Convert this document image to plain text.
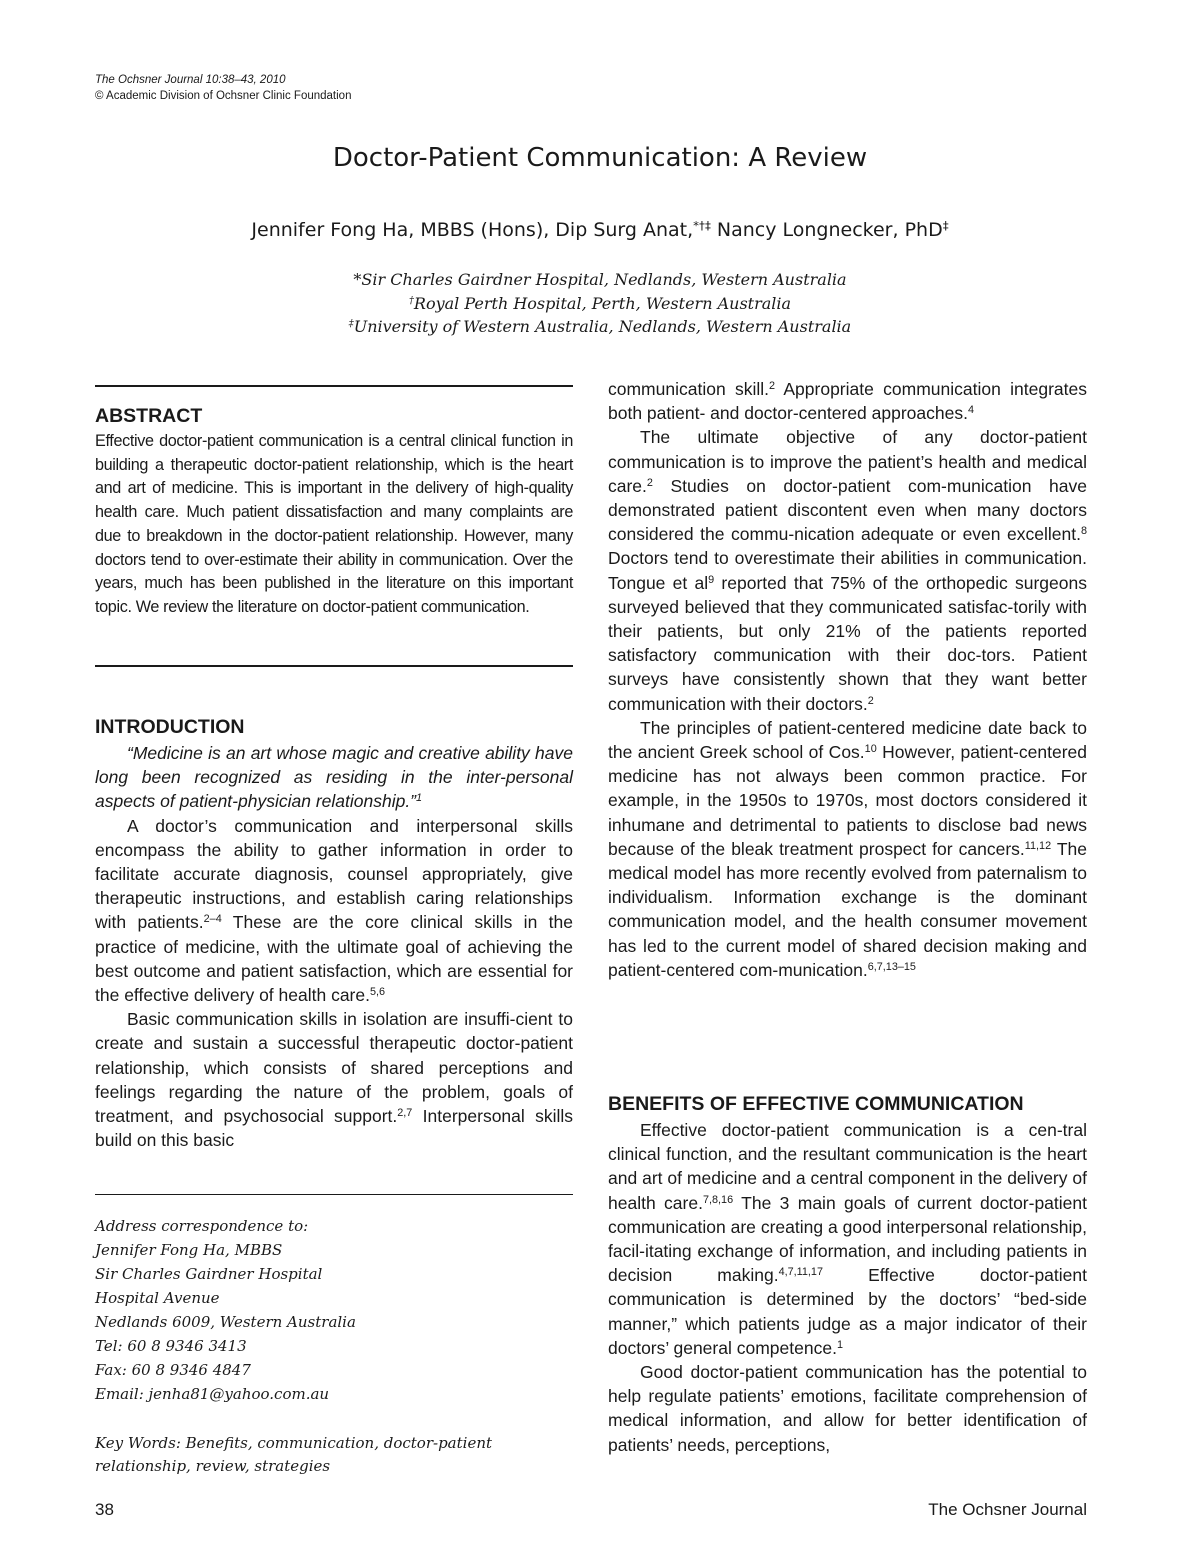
The Ochsner Journal 10:38–43, 2010
© Academic Division of Ochsner Clinic Foundation
Doctor-Patient Communication: A Review
Jennifer Fong Ha, MBBS (Hons), Dip Surg Anat,*†‡ Nancy Longnecker, PhD‡
*Sir Charles Gairdner Hospital, Nedlands, Western Australia
†Royal Perth Hospital, Perth, Western Australia
‡University of Western Australia, Nedlands, Western Australia
ABSTRACT
Effective doctor-patient communication is a central clinical function in building a therapeutic doctor-patient relationship, which is the heart and art of medicine. This is important in the delivery of high-quality health care. Much patient dissatisfaction and many complaints are due to breakdown in the doctor-patient relationship. However, many doctors tend to over-estimate their ability in communication. Over the years, much has been published in the literature on this important topic. We review the literature on doctor-patient communication.
INTRODUCTION

“Medicine is an art whose magic and creative ability have long been recognized as residing in the inter-personal aspects of patient-physician relationship.”$^1$

A doctor’s communication and interpersonal skills encompass the ability to gather information in order to facilitate accurate diagnosis, counsel appropriately, give therapeutic instructions, and establish caring relationships with patients.$^{2-4}$ These are the core clinical skills in the practice of medicine, with the ultimate goal of achieving the best outcome and patient satisfaction, which are essential for the effective delivery of health care.$^{5,6}$

Basic communication skills in isolation are insuffi-cient to create and sustain a successful therapeutic doctor-patient relationship, which consists of shared perceptions and feelings regarding the nature of the problem, goals of treatment, and psychosocial support.$^{2,7}$ Interpersonal skills build on this basic

Address correspondence to:
Jennifer Fong Ha, MBBS
Sir Charles Gairdner Hospital
Hospital Avenue
Nedlands 6009, Western Australia
Tel: 60 8 9346 3413
Fax: 60 8 9346 4847
Email: jenha81@yahoo.com.au
Key Words: Benefits, communication, doctor-patient relationship, review, strategies

communication skill.$^2$ Appropriate communication integrates both patient- and doctor-centered approaches.$^4$

The ultimate objective of any doctor-patient communication is to improve the patient’s health and medical care.$^2$ Studies on doctor-patient com-munication have demonstrated patient discontent even when many doctors considered the commu-nication adequate or even excellent.$^8$ Doctors tend to overestimate their abilities in communication. Tongue et $al^9$ reported that 75% of the orthopedic surgeons surveyed believed that they communicated satisfac-torily with their patients, but only 21% of the patients reported satisfactory communication with their doc-tors. Patient surveys have consistently shown that they want better communication with their doctors.$^2$

The principles of patient-centered medicine date back to the ancient Greek school of Cos.$^{10}$ However, patient-centered medicine has not always been common practice. For example, in the 1950s to 1970s, most doctors considered it inhumane and detrimental to patients to disclose bad news because of the bleak treatment prospect for cancers.$^{11,12}$ The medical model has more recently evolved from paternalism to individualism. Information exchange is the dominant communication model, and the health consumer movement has led to the current model of shared decision making and patient-centered com-munication.$^{6,7,13-15}$

BENEFITS OF EFFECTIVE COMMUNICATION

Effective doctor-patient communication is a cen-tral clinical function, and the resultant communication is the heart and art of medicine and a central component in the delivery of health care.$^{7,8,16}$ The 3 main goals of current doctor-patient communication are creating a good interpersonal relationship, facil-itating exchange of information, and including patients in decision making.$^{4,7,11,17}$ Effective doctor-patient communication is determined by the doctors’ “bed-side manner,” which patients judge as a major indicator of their doctors’ general competence.$^1$

Good doctor-patient communication has the potential to help regulate patients’ emotions, facilitate comprehension of medical information, and allow for better identification of patients’ needs, perceptions,

38	The Ochsner Journal
